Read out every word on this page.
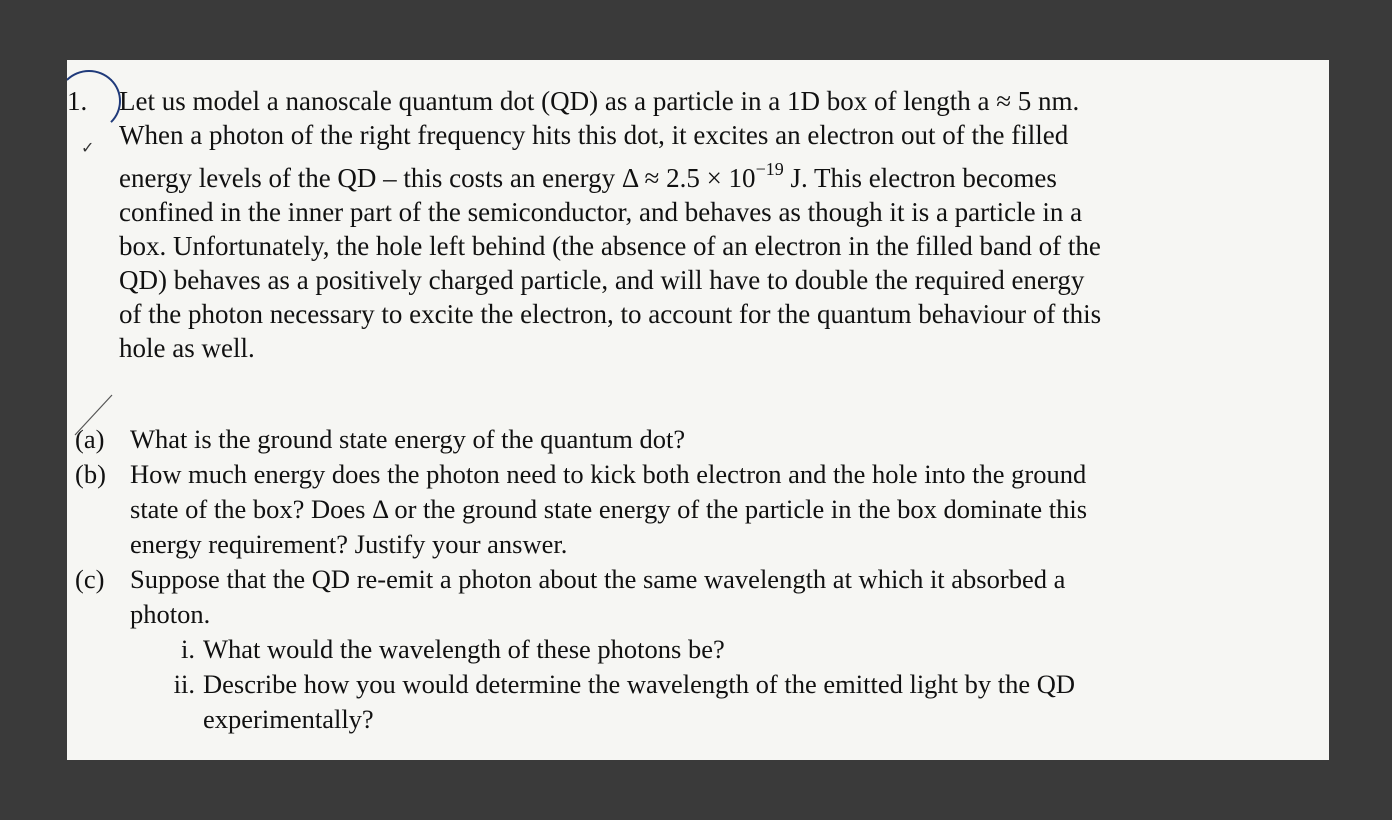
1.
✓
Let us model a nanoscale quantum dot (QD) as a particle in a 1D box of length a ≈ 5 nm.
When a photon of the right frequency hits this dot, it excites an electron out of the filled
energy levels of the QD – this costs an energy $\Delta \approx 2.5 \times 10^{-19}$ J. This electron becomes
confined in the inner part of the semiconductor, and behaves as though it is a particle in a
box. Unfortunately, the hole left behind (the absence of an electron in the filled band of the
QD) behaves as a positively charged particle, and will have to double the required energy
of the photon necessary to excite the electron, to account for the quantum behaviour of this
hole as well.
(a) What is the ground state energy of the quantum dot?
(b) How much energy does the photon need to kick both electron and the hole into the ground
state of the box? Does Δ or the ground state energy of the particle in the box dominate this
energy requirement? Justify your answer.
(c) Suppose that the QD re-emit a photon about the same wavelength at which it absorbed a
photon.
i. What would the wavelength of these photons be?
ii. Describe how you would determine the wavelength of the emitted light by the QD
experimentally?
